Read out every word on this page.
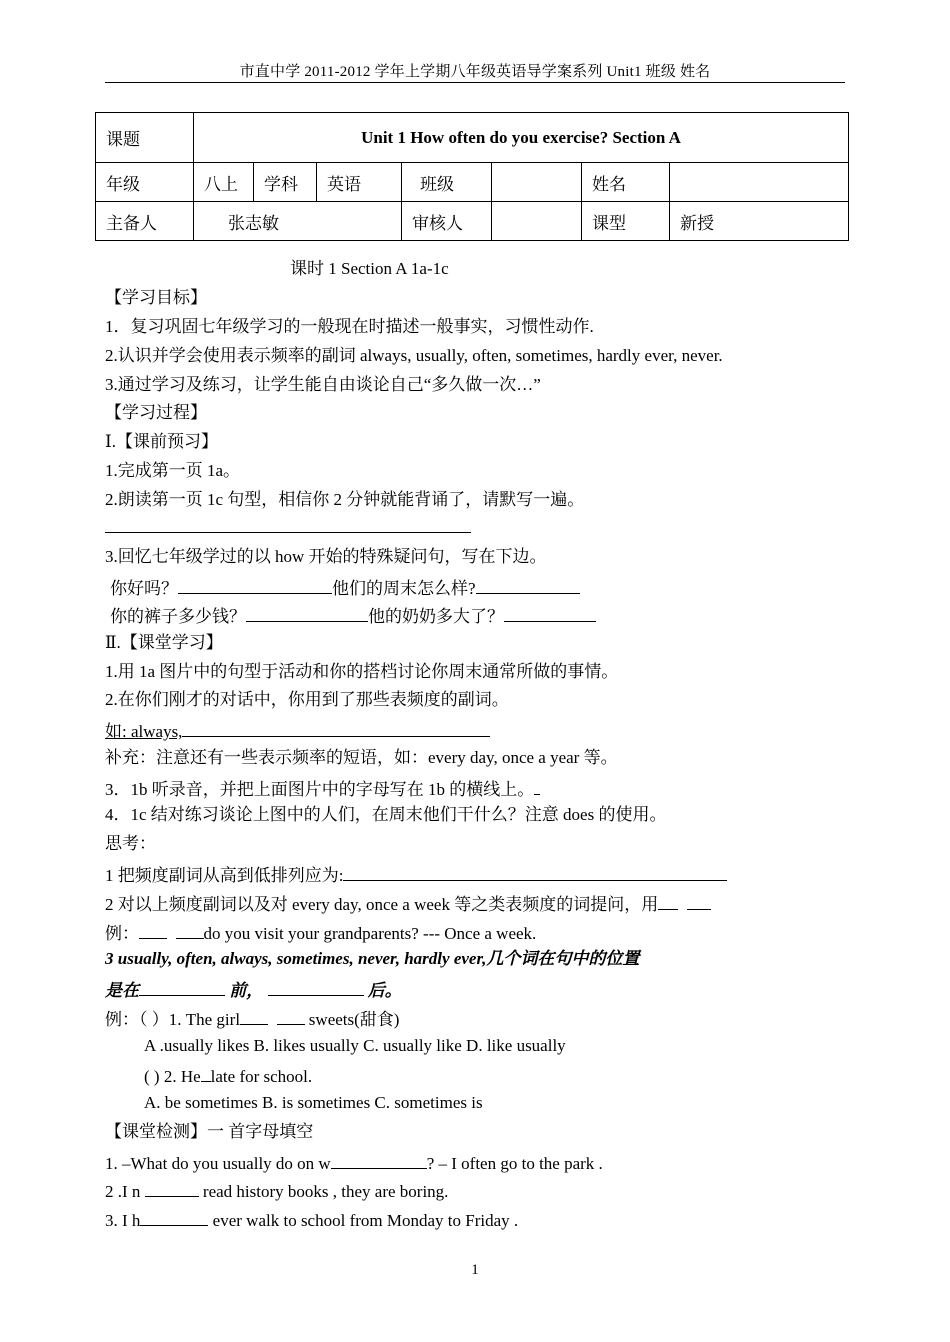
市直中学 2011-2012 学年上学期八年级英语导学案系列 Unit1 班级 姓名
课题	Unit 1 How often do you exercise? Section A						
年级	八上	学科	英语	班级		姓名	
主备人	张志敏			审核人		课型	新授
课时 1 Section A 1a-1c
【学习目标】
1．复习巩固七年级学习的一般现在时描述一般事实，习惯性动作.
2.认识并学会使用表示频率的副词 always, usually, often, sometimes, hardly ever, never.
3.通过学习及练习，让学生能自由谈论自己“多久做一次…”
【学习过程】
Ⅰ.【课前预习】
1.完成第一页 1a。
2.朗读第一页 1c 句型，相信你 2 分钟就能背诵了，请默写一遍。
3.回忆七年级学过的以 how 开始的特殊疑问句，写在下边。
你好吗？	他们的周末怎么样?
你的裤子多少钱？	他的奶奶多大了？
Ⅱ.【课堂学习】
1.用 1a 图片中的句型于活动和你的搭档讨论你周末通常所做的事情。
2.在你们刚才的对话中，你用到了那些表频度的副词。
如: always,
补充：注意还有一些表示频率的短语，如：every day, once a year 等。
3．1b 听录音，并把上面图片中的字母写在 1b 的横线上。
4．1c 结对练习谈论上图中的人们，在周末他们干什么？注意 does 的使用。
思考：
1 把频度副词从高到低排列应为:
2 对以上频度副词以及对 every day, once a week 等之类表频度的词提问，用
例：	do you visit your grandparents? --- Once a week.
3 usually, often, always, sometimes, never, hardly ever,几个词在句中的位置
是在	前，	后。
例：（ ）1. The girl	sweets(甜食)
A .usually likes B. likes usually C. usually like D. like usually
( ) 2. He late for school.
A. be sometimes B. is sometimes C. sometimes is
【课堂检测】一 首字母填空
1. –What do you usually do on w	? – I often go to the park .
2 .I n	read history books , they are boring.
3. I h	ever walk to school from Monday to Friday .
1
